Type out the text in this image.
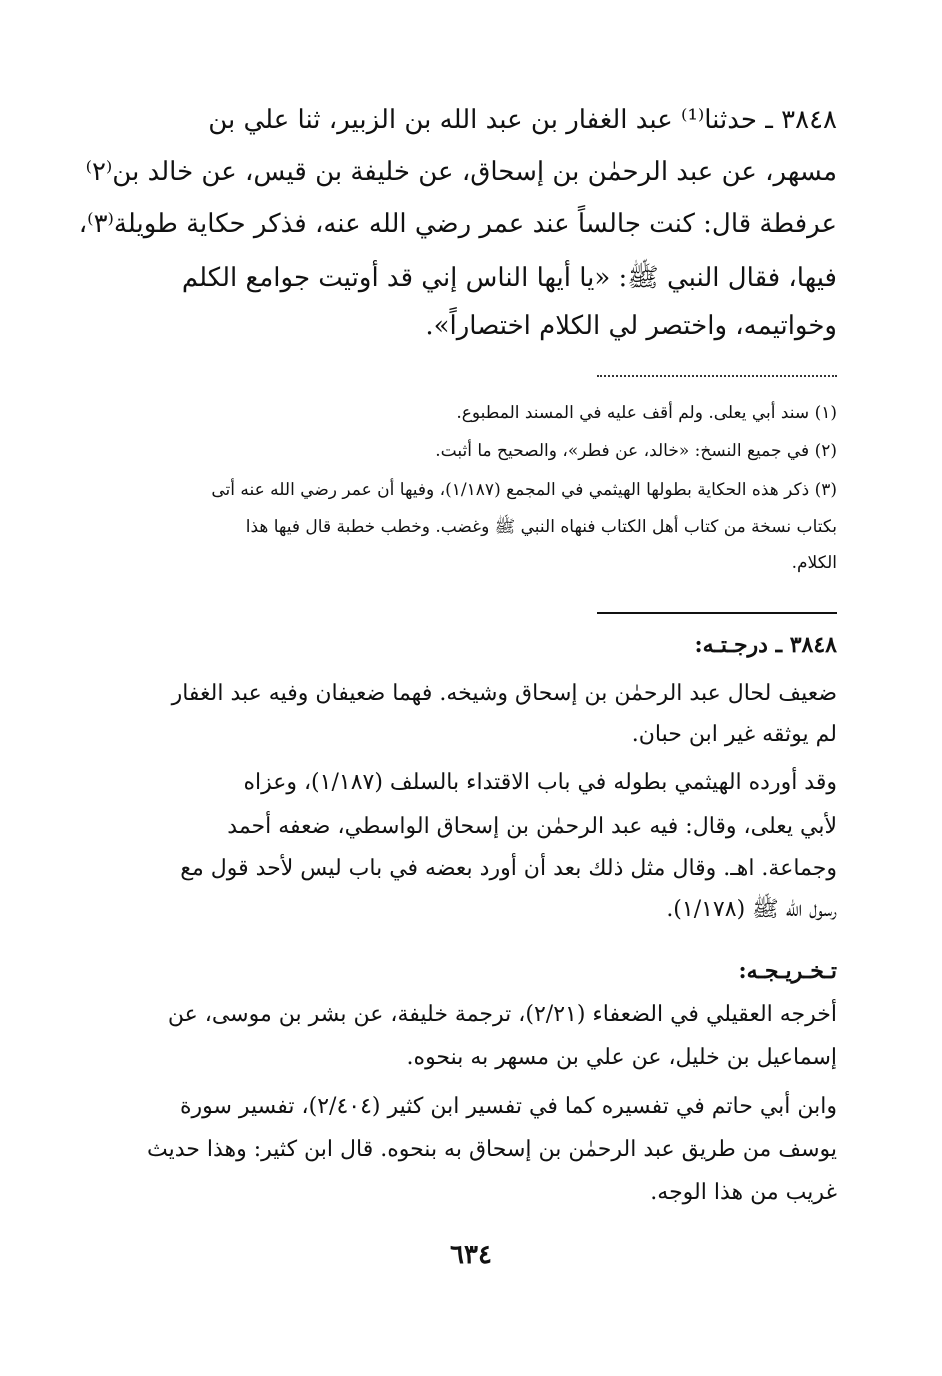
٣٨٤٨ ـ حدثنا⁽¹⁾ عبد الغفار بن عبد الله بن الزبير، ثنا علي بن
مسهر، عن عبد الرحمٰن بن إسحاق، عن خليفة بن قيس، عن خالد بن⁽٢⁾
عرفطة قال: كنت جالساً عند عمر رضي الله عنه، فذكر حكاية طويلة⁽٣⁾،
فيها، فقال النبي ﷺ: «يا أيها الناس إني قد أوتيت جوامع الكلم
وخواتيمه، واختصر لي الكلام اختصاراً».
(١) سند أبي يعلى. ولم أقف عليه في المسند المطبوع.
(٢) في جميع النسخ: «خالد، عن فطر»، والصحيح ما أثبت.
(٣) ذكر هذه الحكاية بطولها الهيثمي في المجمع (١/١٨٧)، وفيها أن عمر رضي الله عنه أتى
بكتاب نسخة من كتاب أهل الكتاب فنهاه النبي ﷺ وغضب. وخطب خطبة قال فيها هذا
الكلام.
٣٨٤٨ ـ درجـتـه:
ضعيف لحال عبد الرحمٰن بن إسحاق وشيخه. فهما ضعيفان وفيه عبد الغفار
لم يوثقه غير ابن حبان.
وقد أورده الهيثمي بطوله في باب الاقتداء بالسلف (١/١٨٧)، وعزاه
لأبي يعلى، وقال: فيه عبد الرحمٰن بن إسحاق الواسطي، ضعفه أحمد
وجماعة. اهـ. وقال مثل ذلك بعد أن أورد بعضه في باب ليس لأحد قول مع
رسول الله ﷺ (١/١٧٨).
تـخـريـجـه:
أخرجه العقيلي في الضعفاء (٢/٢١)، ترجمة خليفة، عن بشر بن موسى، عن
إسماعيل بن خليل، عن علي بن مسهر به بنحوه.
وابن أبي حاتم في تفسيره كما في تفسير ابن كثير (٢/٤٠٤)، تفسير سورة
يوسف من طريق عبد الرحمٰن بن إسحاق به بنحوه. قال ابن كثير: وهذا حديث
غريب من هذا الوجه.
٦٣٤
